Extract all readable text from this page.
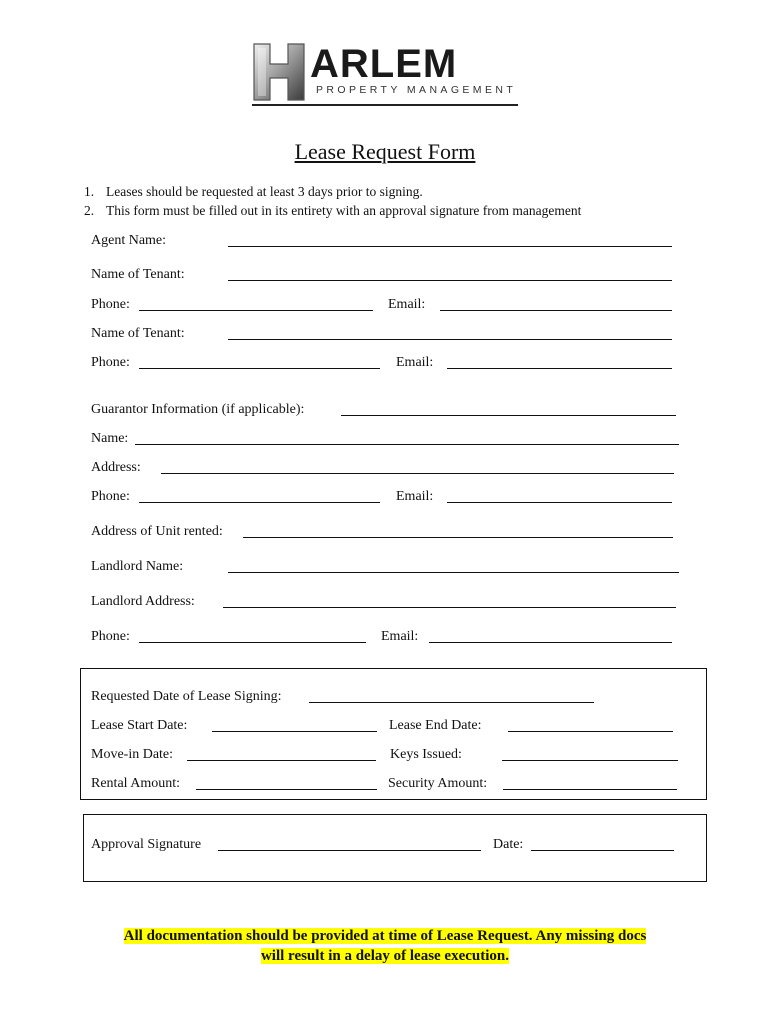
ARLEM
PROPERTY MANAGEMENT
Lease Request Form
1. Leases should be requested at least 3 days prior to signing.
2. This form must be filled out in its entirety with an approval signature from management
Agent Name:
Name of Tenant:
Phone:	Email:
Name of Tenant:
Phone:	Email:
Guarantor Information (if applicable):
Name:
Address:
Phone:	Email:
Address of Unit rented:
Landlord Name:
Landlord Address:
Phone:	Email:
Requested Date of Lease Signing:
Lease Start Date:	Lease End Date:
Move-in Date:	Keys Issued:
Rental Amount:	Security Amount:
Approval Signature	Date:
All documentation should be provided at time of Lease Request. Any missing docs
will result in a delay of lease execution.
